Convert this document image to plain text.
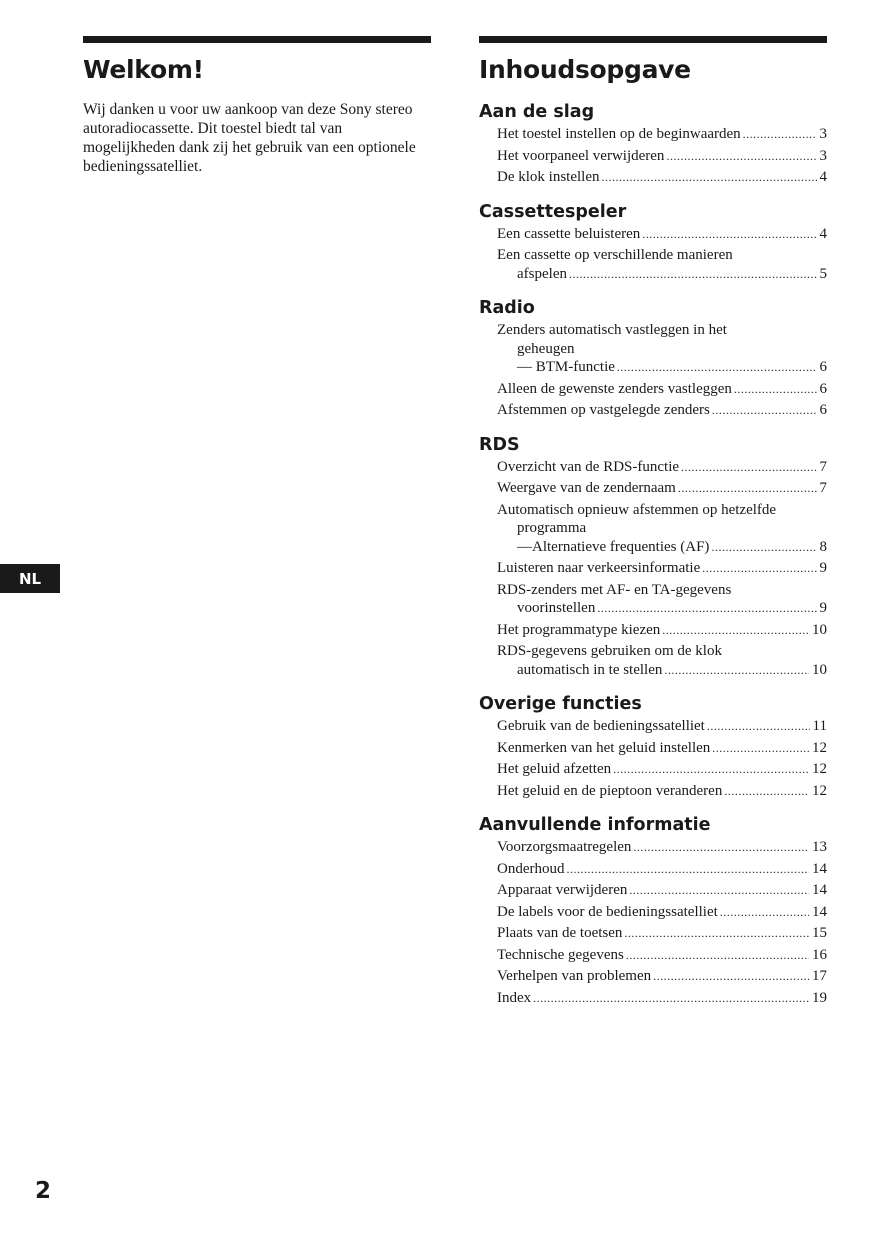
Welkom!

Wij danken u voor uw aankoop van deze Sony stereo autoradiocassette. Dit toestel biedt tal van mogelijkheden dank zij het gebruik van een optionele bedieningssatelliet.

Inhoudsopgave
Aan de slag
Het toestel instellen op de beginwaarden .....	3
Het voorpaneel verwijderen .....	3
De klok instellen .....	4
Cassettespeler
Een cassette beluisteren .....	4
Een cassette op verschillende manieren
afspelen .....	5
Radio
Zenders automatisch vastleggen in het
geheugen
— BTM-functie .....	6
Alleen de gewenste zenders vastleggen .....	6
Afstemmen op vastgelegde zenders .....	6
RDS
Overzicht van de RDS-functie .....	7
Weergave van de zendernaam .....	7
Automatisch opnieuw afstemmen op hetzelfde
programma
—Alternatieve frequenties (AF) .....	8
Luisteren naar verkeersinformatie .....	9
RDS-zenders met AF- en TA-gegevens
voorinstellen .....	9
Het programmatype kiezen .....	10
RDS-gegevens gebruiken om de klok
automatisch in te stellen .....	10
Overige functies
Gebruik van de bedieningssatelliet .....	11
Kenmerken van het geluid instellen .....	12
Het geluid afzetten .....	12
Het geluid en de pieptoon veranderen .....	12
Aanvullende informatie
Voorzorgsmaatregelen .....	13
Onderhoud .....	14
Apparaat verwijderen .....	14
De labels voor de bedieningssatelliet .....	14
Plaats van de toetsen .....	15
Technische gegevens .....	16
Verhelpen van problemen .....	17
Index .....	19
NL
2
